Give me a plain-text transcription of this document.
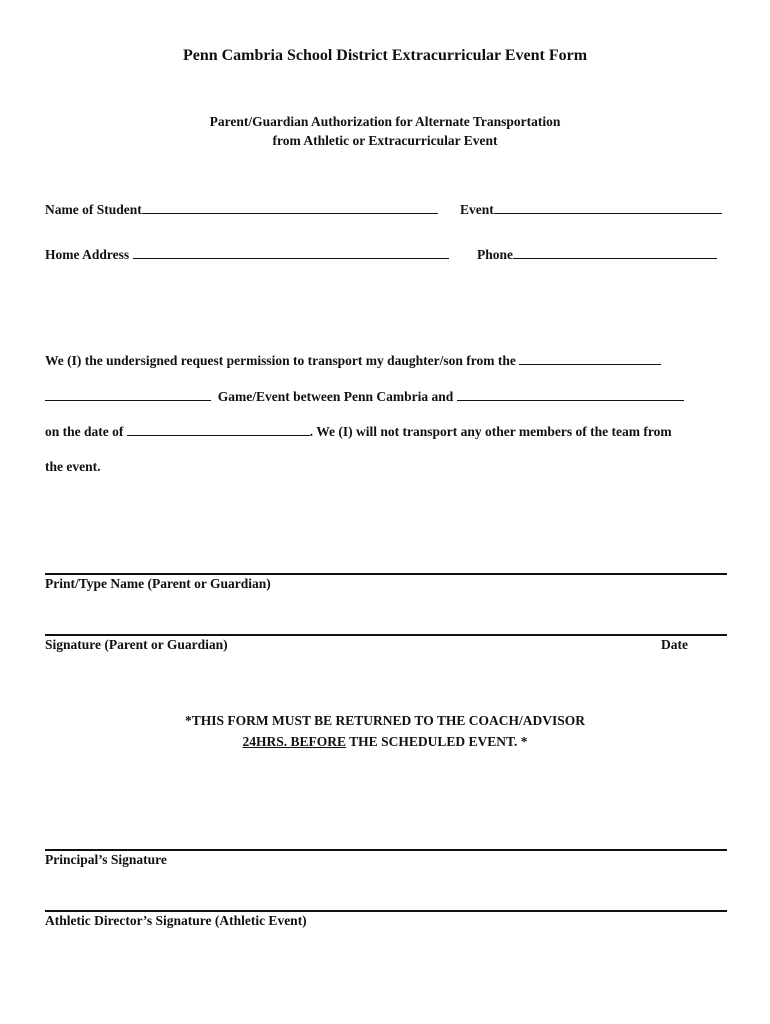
Penn Cambria School District Extracurricular Event Form
Parent/Guardian Authorization for Alternate Transportation
from Athletic or Extracurricular Event
Name of Student	Event
Home Address	Phone
We (I) the undersigned request permission to transport my daughter/son from the
Game/Event between Penn Cambria and
on the date of	. We (I) will not transport any other members of the team from
the event.
Print/Type Name (Parent or Guardian)
Signature (Parent or Guardian)	Date
*THIS FORM MUST BE RETURNED TO THE COACH/ADVISOR
24HRS. BEFORE THE SCHEDULED EVENT. *
Principal’s Signature
Athletic Director’s Signature (Athletic Event)
